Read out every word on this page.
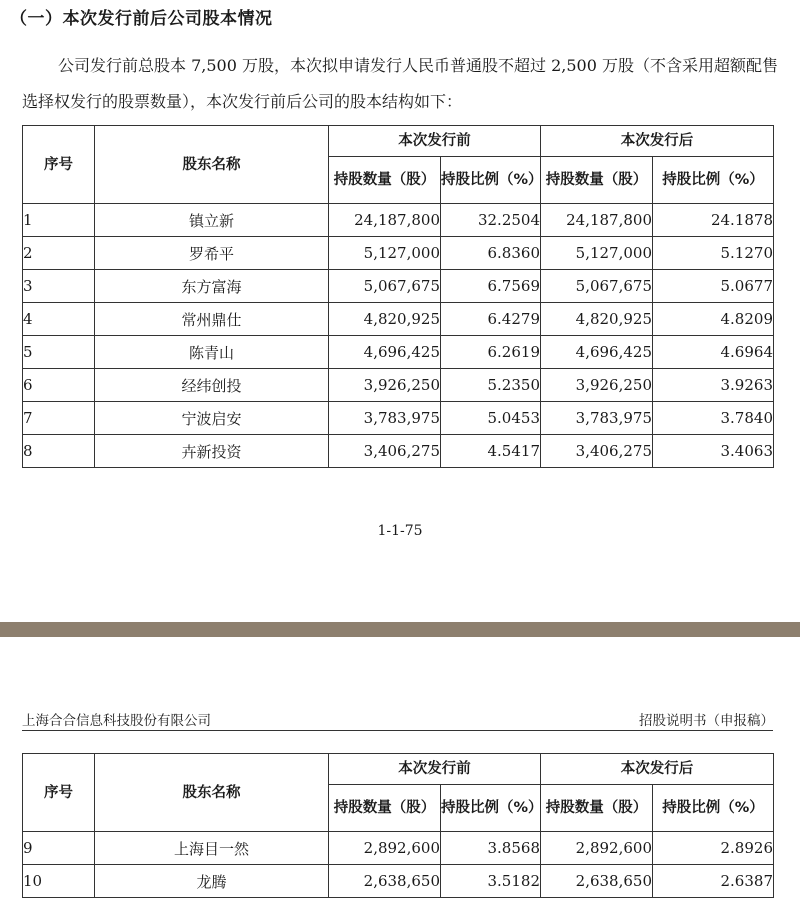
（一）本次发行前后公司股本情况

公司发行前总股本 7,500 万股，本次拟申请发行人民币普通股不超过 2,500 万股（不含采用超额配售选择权发行的股票数量），本次发行前后公司的股本结构如下：

序号	股东名称	本次发行前		本次发行后	
		持股数量（股）	持股比例（%）	持股数量（股）	持股比例（%）
1	镇立新	24,187,800	32.2504	24,187,800	24.1878
2	罗希平	5,127,000	6.8360	5,127,000	5.1270
3	东方富海	5,067,675	6.7569	5,067,675	5.0677
4	常州鼎仕	4,820,925	6.4279	4,820,925	4.8209
5	陈青山	4,696,425	6.2619	4,696,425	4.6964
6	经纬创投	3,926,250	5.2350	3,926,250	3.9263
7	宁波启安	3,783,975	5.0453	3,783,975	3.7840
8	卉新投资	3,406,275	4.5417	3,406,275	3.4063
1-1-75
上海合合信息科技股份有限公司	招股说明书（申报稿）
序号	股东名称	本次发行前		本次发行后	
		持股数量（股）	持股比例（%）	持股数量（股）	持股比例（%）
9	上海目一然	2,892,600	3.8568	2,892,600	2.8926
10	龙腾	2,638,650	3.5182	2,638,650	2.6387
